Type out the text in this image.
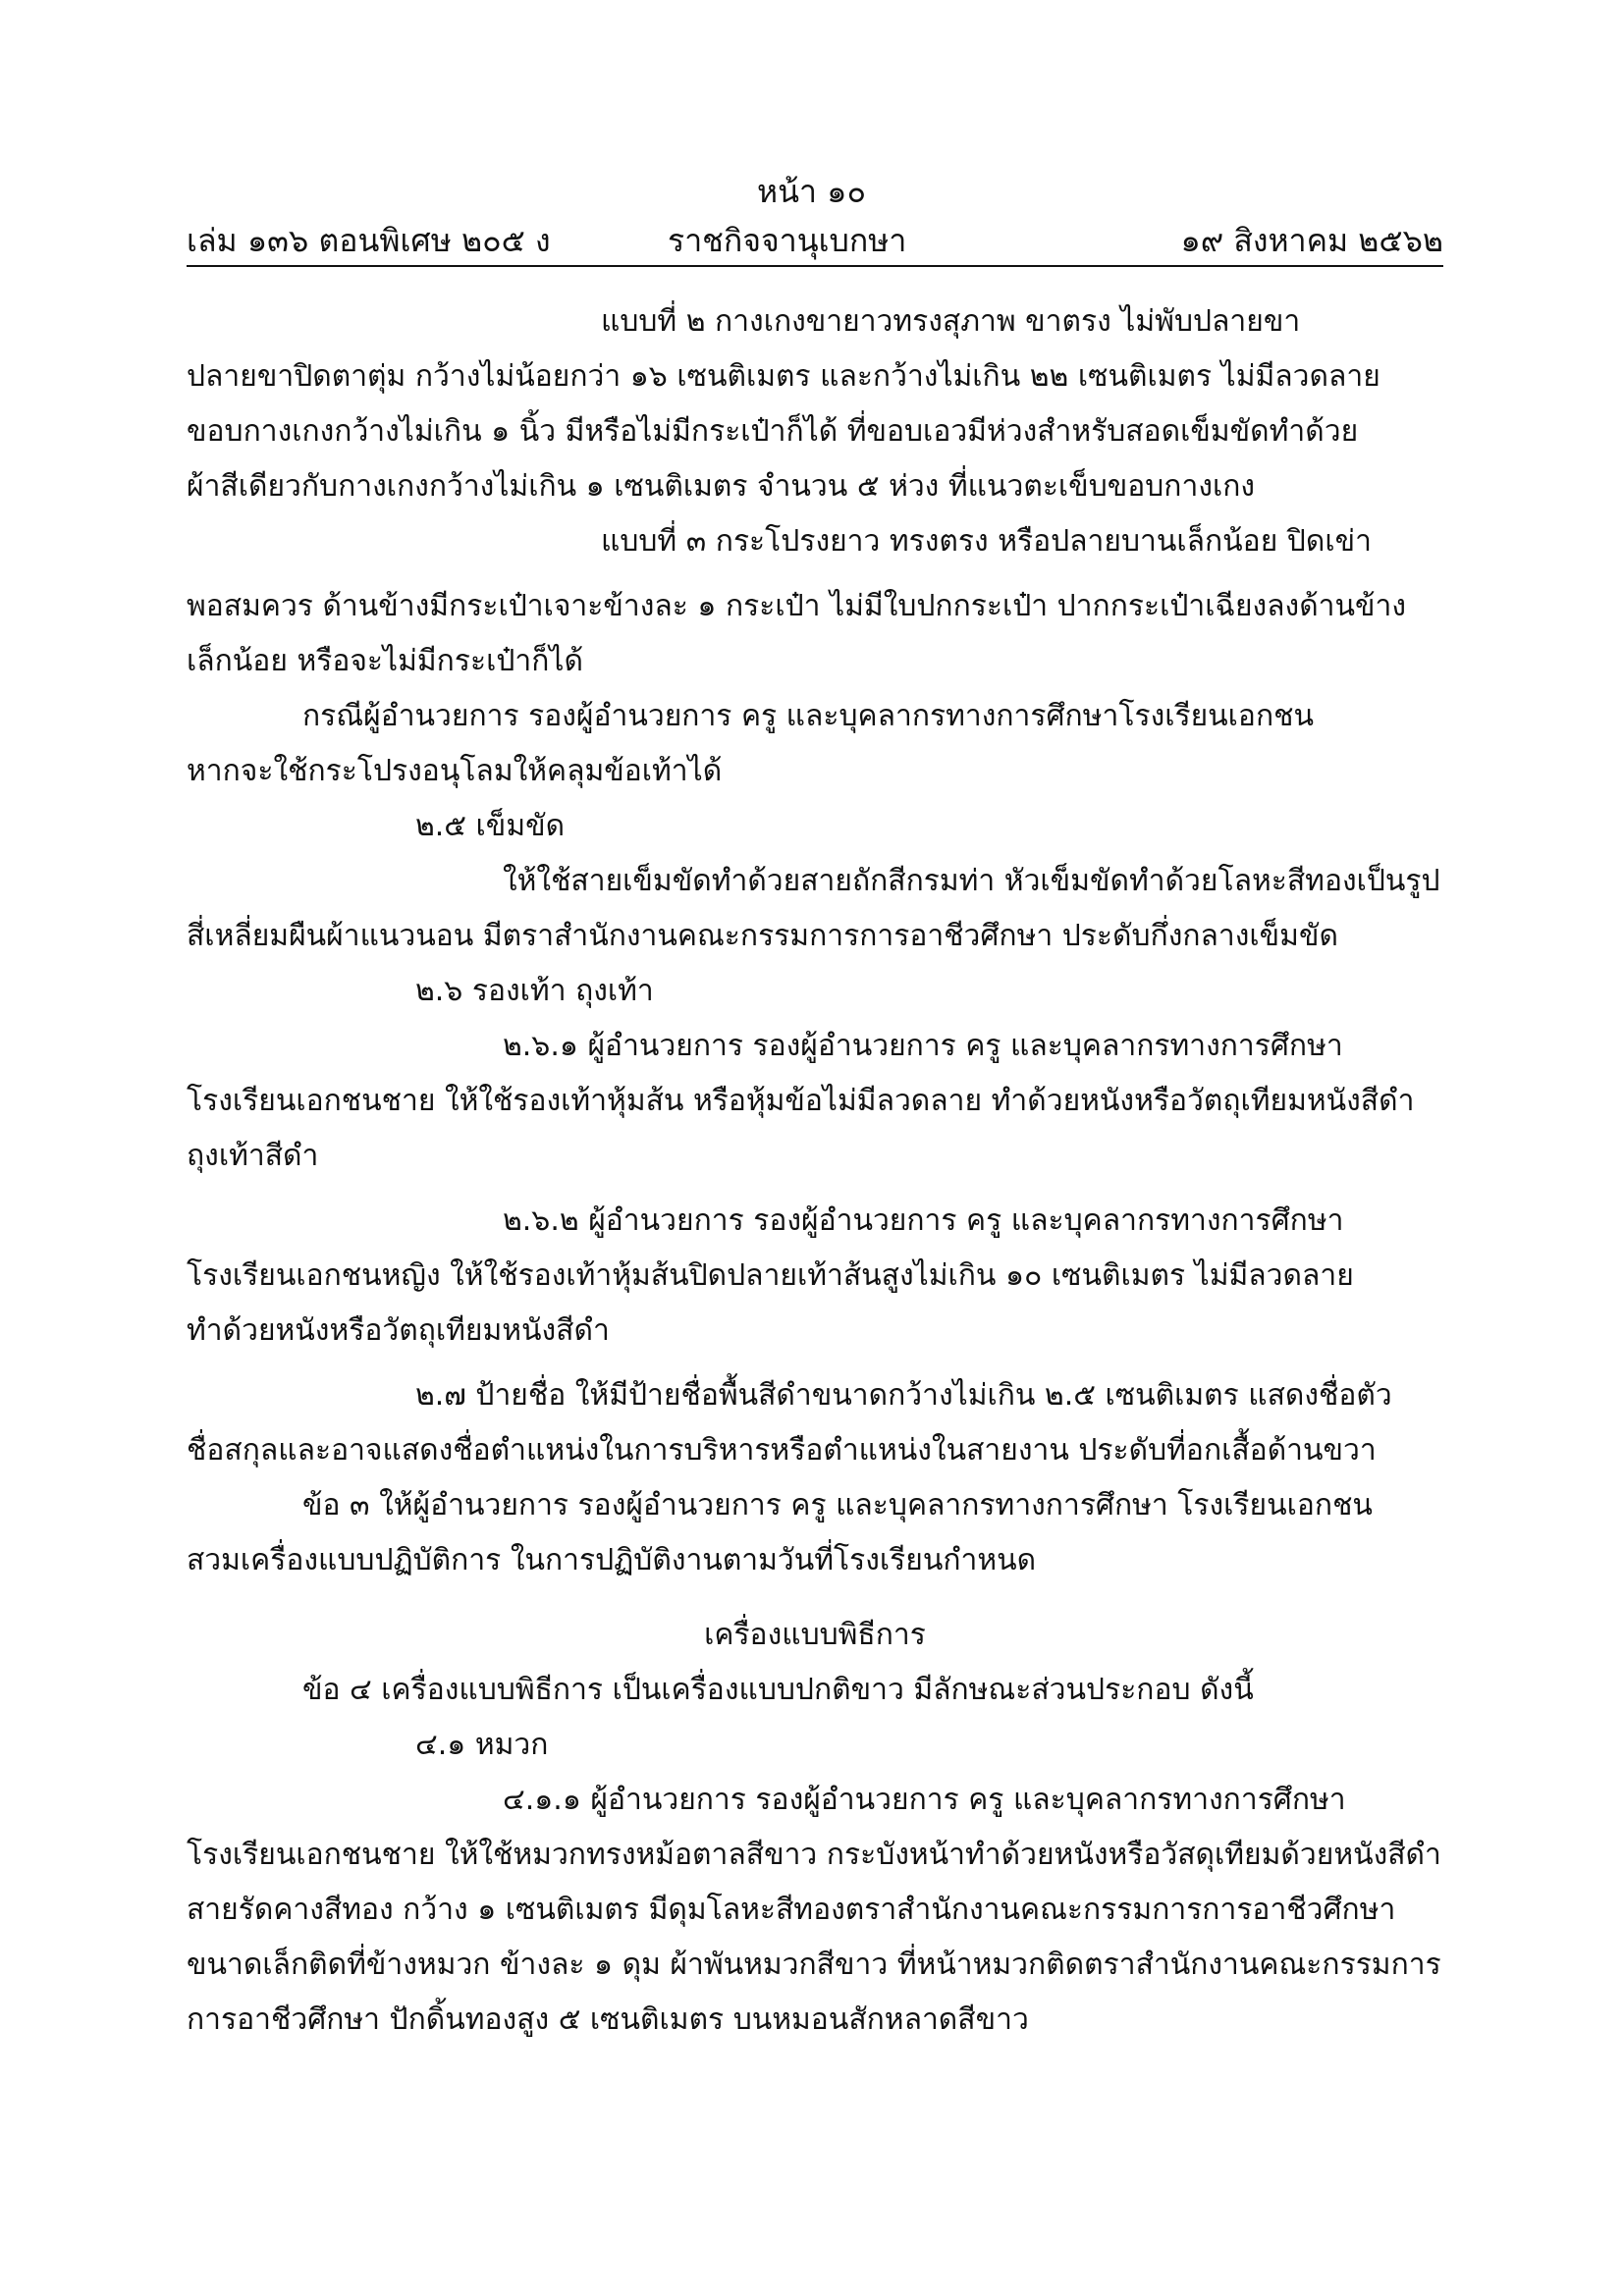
หน้า ๑๐
เล่ม ๑๓๖ ตอนพิเศษ ๒๐๕ ง	ราชกิจจานุเบกษา	๑๙ สิงหาคม ๒๕๖๒
แบบที่ ๒ กางเกงขายาวทรงสุภาพ ขาตรง ไม่พับปลายขา
ปลายขาปิดตาตุ่ม กว้างไม่น้อยกว่า ๑๖ เซนติเมตร และกว้างไม่เกิน ๒๒ เซนติเมตร ไม่มีลวดลาย
ขอบกางเกงกว้างไม่เกิน ๑ นิ้ว มีหรือไม่มีกระเป๋าก็ได้ ที่ขอบเอวมีห่วงสำหรับสอดเข็มขัดทำด้วย
ผ้าสีเดียวกับกางเกงกว้างไม่เกิน ๑ เซนติเมตร จำนวน ๕ ห่วง ที่แนวตะเข็บขอบกางเกง
แบบที่ ๓ กระโปรงยาว ทรงตรง หรือปลายบานเล็กน้อย ปิดเข่า
พอสมควร ด้านข้างมีกระเป๋าเจาะข้างละ ๑ กระเป๋า ไม่มีใบปกกระเป๋า ปากกระเป๋าเฉียงลงด้านข้าง
เล็กน้อย หรือจะไม่มีกระเป๋าก็ได้
กรณีผู้อำนวยการ รองผู้อำนวยการ ครู และบุคลากรทางการศึกษาโรงเรียนเอกชน
หากจะใช้กระโปรงอนุโลมให้คลุมข้อเท้าได้
๒.๕ เข็มขัด
ให้ใช้สายเข็มขัดทำด้วยสายถักสีกรมท่า หัวเข็มขัดทำด้วยโลหะสีทองเป็นรูป
สี่เหลี่ยมผืนผ้าแนวนอน มีตราสำนักงานคณะกรรมการการอาชีวศึกษา ประดับกึ่งกลางเข็มขัด
๒.๖ รองเท้า ถุงเท้า
๒.๖.๑ ผู้อำนวยการ รองผู้อำนวยการ ครู และบุคลากรทางการศึกษา
โรงเรียนเอกชนชาย ให้ใช้รองเท้าหุ้มส้น หรือหุ้มข้อไม่มีลวดลาย ทำด้วยหนังหรือวัตถุเทียมหนังสีดำ
ถุงเท้าสีดำ
๒.๖.๒ ผู้อำนวยการ รองผู้อำนวยการ ครู และบุคลากรทางการศึกษา
โรงเรียนเอกชนหญิง ให้ใช้รองเท้าหุ้มส้นปิดปลายเท้าส้นสูงไม่เกิน ๑๐ เซนติเมตร ไม่มีลวดลาย
ทำด้วยหนังหรือวัตถุเทียมหนังสีดำ
๒.๗ ป้ายชื่อ ให้มีป้ายชื่อพื้นสีดำขนาดกว้างไม่เกิน ๒.๕ เซนติเมตร แสดงชื่อตัว
ชื่อสกุลและอาจแสดงชื่อตำแหน่งในการบริหารหรือตำแหน่งในสายงาน ประดับที่อกเสื้อด้านขวา
ข้อ ๓ ให้ผู้อำนวยการ รองผู้อำนวยการ ครู และบุคลากรทางการศึกษา โรงเรียนเอกชน
สวมเครื่องแบบปฏิบัติการ ในการปฏิบัติงานตามวันที่โรงเรียนกำหนด
เครื่องแบบพิธีการ
ข้อ ๔ เครื่องแบบพิธีการ เป็นเครื่องแบบปกติขาว มีลักษณะส่วนประกอบ ดังนี้
๔.๑ หมวก
๔.๑.๑ ผู้อำนวยการ รองผู้อำนวยการ ครู และบุคลากรทางการศึกษา
โรงเรียนเอกชนชาย ให้ใช้หมวกทรงหม้อตาลสีขาว กระบังหน้าทำด้วยหนังหรือวัสดุเทียมด้วยหนังสีดำ
สายรัดคางสีทอง กว้าง ๑ เซนติเมตร มีดุมโลหะสีทองตราสำนักงานคณะกรรมการการอาชีวศึกษา
ขนาดเล็กติดที่ข้างหมวก ข้างละ ๑ ดุม ผ้าพันหมวกสีขาว ที่หน้าหมวกติดตราสำนักงานคณะกรรมการ
การอาชีวศึกษา ปักดิ้นทองสูง ๕ เซนติเมตร บนหมอนสักหลาดสีขาว
